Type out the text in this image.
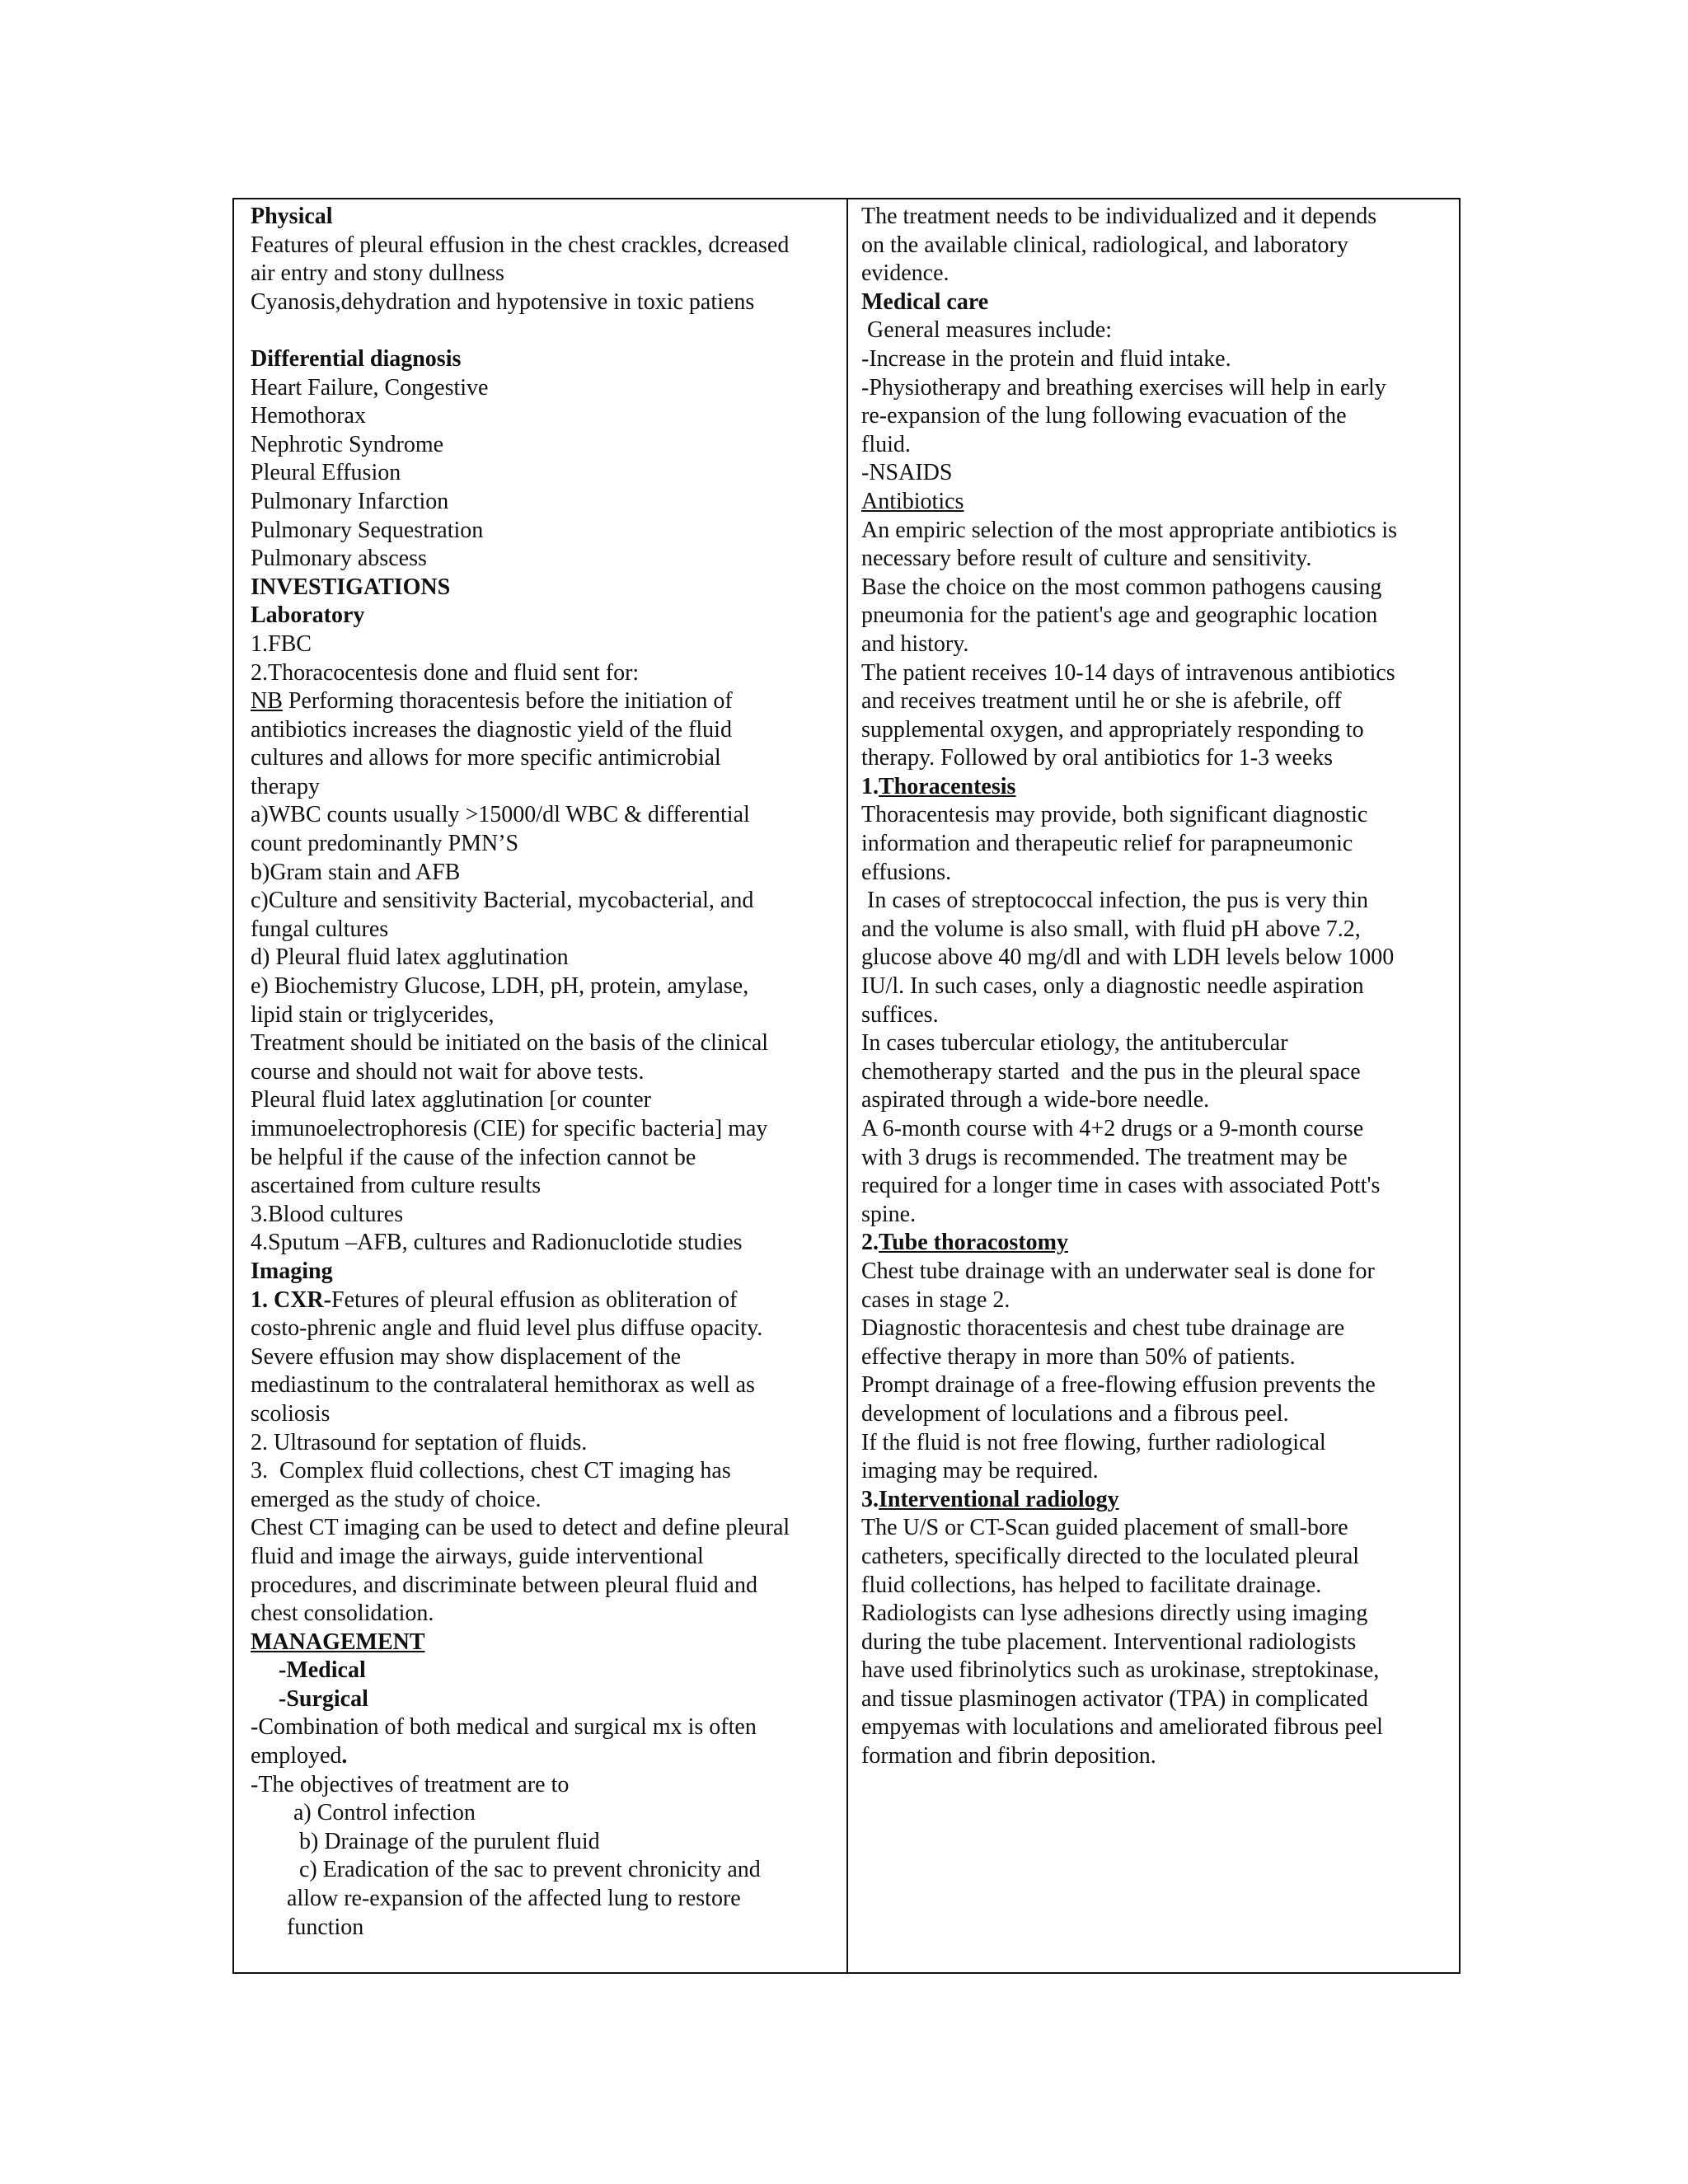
Physical

Features of pleural effusion in the chest crackles, dcreased

air entry and stony dullness

Cyanosis,dehydration and hypotensive in toxic patiens

Differential diagnosis

Heart Failure, Congestive

Hemothorax

Nephrotic Syndrome

Pleural Effusion

Pulmonary Infarction

Pulmonary Sequestration

Pulmonary abscess

INVESTIGATIONS

Laboratory

1.FBC

2.Thoracocentesis done and fluid sent for:

NB Performing thoracentesis before the initiation of

antibiotics increases the diagnostic yield of the fluid

cultures and allows for more specific antimicrobial

therapy

a)WBC counts usually >15000/dl WBC & differential

count predominantly PMN’S

b)Gram stain and AFB

c)Culture and sensitivity Bacterial, mycobacterial, and

fungal cultures

d) Pleural fluid latex agglutination

e) Biochemistry Glucose, LDH, pH, protein, amylase,

lipid stain or triglycerides,

Treatment should be initiated on the basis of the clinical

course and should not wait for above tests.

Pleural fluid latex agglutination [or counter

immunoelectrophoresis (CIE) for specific bacteria] may

be helpful if the cause of the infection cannot be

ascertained from culture results

3.Blood cultures

4.Sputum –AFB, cultures and Radionuclotide studies

Imaging

1. CXR-Fetures of pleural effusion as obliteration of

costo-phrenic angle and fluid level plus diffuse opacity.

Severe effusion may show displacement of the

mediastinum to the contralateral hemithorax as well as

scoliosis

2. Ultrasound for septation of fluids.

3.  Complex fluid collections, chest CT imaging has

emerged as the study of choice.

Chest CT imaging can be used to detect and define pleural

fluid and image the airways, guide interventional

procedures, and discriminate between pleural fluid and

chest consolidation.

MANAGEMENT

-Medical

-Surgical

-Combination of both medical and surgical mx is often

employed.

-The objectives of treatment are to

a) Control infection

b) Drainage of the purulent fluid

c) Eradication of the sac to prevent chronicity and

allow re-expansion of the affected lung to restore

function

The treatment needs to be individualized and it depends

on the available clinical, radiological, and laboratory

evidence.

Medical care

General measures include:

-Increase in the protein and fluid intake.

-Physiotherapy and breathing exercises will help in early

re-expansion of the lung following evacuation of the

fluid.

-NSAIDS

Antibiotics

An empiric selection of the most appropriate antibiotics is

necessary before result of culture and sensitivity.

Base the choice on the most common pathogens causing

pneumonia for the patient's age and geographic location

and history.

The patient receives 10-14 days of intravenous antibiotics

and receives treatment until he or she is afebrile, off

supplemental oxygen, and appropriately responding to

therapy. Followed by oral antibiotics for 1-3 weeks

1.Thoracentesis

Thoracentesis may provide, both significant diagnostic

information and therapeutic relief for parapneumonic

effusions.

In cases of streptococcal infection, the pus is very thin

and the volume is also small, with fluid pH above 7.2,

glucose above 40 mg/dl and with LDH levels below 1000

IU/l. In such cases, only a diagnostic needle aspiration

suffices.

In cases tubercular etiology, the antitubercular

chemotherapy started  and the pus in the pleural space

aspirated through a wide-bore needle.

A 6-month course with 4+2 drugs or a 9-month course

with 3 drugs is recommended. The treatment may be

required for a longer time in cases with associated Pott's

spine.

2.Tube thoracostomy

Chest tube drainage with an underwater seal is done for

cases in stage 2.

Diagnostic thoracentesis and chest tube drainage are

effective therapy in more than 50% of patients.

Prompt drainage of a free-flowing effusion prevents the

development of loculations and a fibrous peel.

If the fluid is not free flowing, further radiological

imaging may be required.

3.Interventional radiology

The U/S or CT-Scan guided placement of small-bore

catheters, specifically directed to the loculated pleural

fluid collections, has helped to facilitate drainage.

Radiologists can lyse adhesions directly using imaging

during the tube placement. Interventional radiologists

have used fibrinolytics such as urokinase, streptokinase,

and tissue plasminogen activator (TPA) in complicated

empyemas with loculations and ameliorated fibrous peel

formation and fibrin deposition.
